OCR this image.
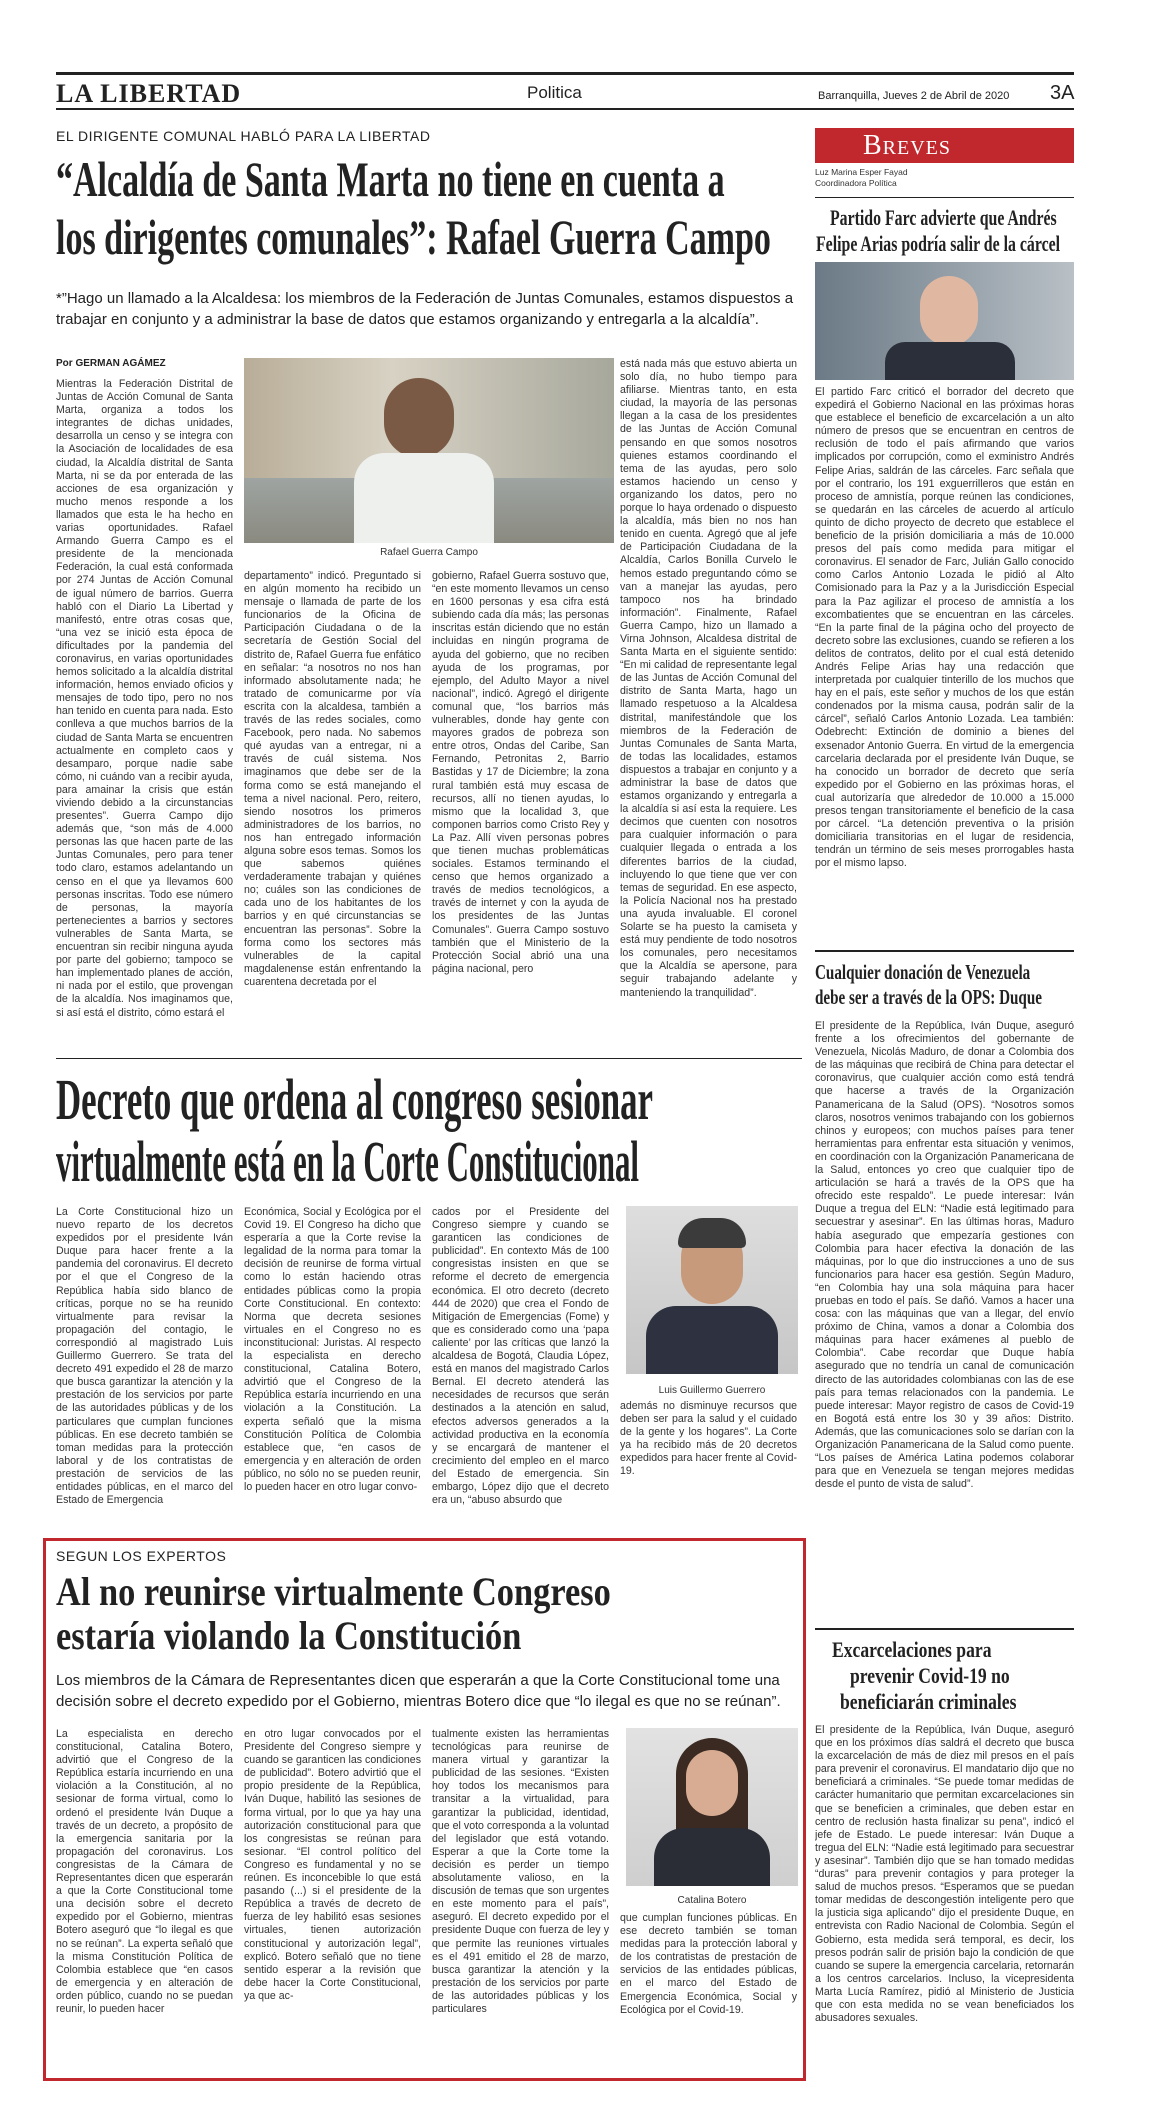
LA LIBERTAD	Politica	Barranquilla, Jueves 2 de Abril de 2020 3A
EL DIRIGENTE COMUNAL HABLÓ PARA LA LIBERTAD
“Alcaldía de Santa Marta no tiene en cuenta a
los dirigentes comunales”: Rafael Guerra Campo
*”Hago un llamado a la Alcaldesa: los miembros de la Federación de Juntas Comunales, estamos dispuestos a trabajar en conjunto y a administrar la base de datos que estamos organizando y entregarla a la alcaldía”.
Por GERMAN AGÁMEZ
Rafael Guerra Campo
Mientras la Federación Distrital de Juntas de Acción Comunal de Santa Marta, organiza a todos los integrantes de dichas unidades, desarrolla un censo y se integra con la Asociación de localidades de esa ciudad, la Alcaldía distrital de Santa Marta, ni se da por enterada de las acciones de esa organización y mucho menos responde a los llamados que esta le ha hecho en varias oportunidades. Rafael Armando Guerra Campo es el presidente de la mencionada Federación, la cual está conformada por 274 Juntas de Acción Comunal de igual número de barrios. Guerra habló con el Diario La Libertad y manifestó, entre otras cosas que, “una vez se inició esta época de dificultades por la pandemia del coronavirus, en varias oportunidades hemos solicitado a la alcaldía distrital información, hemos enviado oficios y mensajes de todo tipo, pero no nos han tenido en cuenta para nada. Esto conlleva a que muchos barrios de la ciudad de Santa Marta se encuentren actualmente en completo caos y desamparo, porque nadie sabe cómo, ni cuándo van a recibir ayuda, para amainar la crisis que están viviendo debido a la circunstancias presentes”. Guerra Campo dijo además que, “son más de 4.000 personas las que hacen parte de las Juntas Comunales, pero para tener todo claro, estamos adelantando un censo en el que ya llevamos 600 personas inscritas. Todo ese número de personas, la mayoría pertenecientes a barrios y sectores vulnerables de Santa Marta, se encuentran sin recibir ninguna ayuda por parte del gobierno; tampoco se han implementado planes de acción, ni nada por el estilo, que provengan de la alcaldía. Nos imaginamos que, si así está el distrito, cómo estará el
departamento” indicó. Preguntado si en algún momento ha recibido un mensaje o llamada de parte de los funcionarios de la Oficina de Participación Ciudadana o de la secretaría de Gestión Social del distrito de, Rafael Guerra fue enfático en señalar: “a nosotros no nos han informado absolutamente nada; he tratado de comunicarme por vía escrita con la alcaldesa, también a través de las redes sociales, como Facebook, pero nada. No sabemos qué ayudas van a entregar, ni a través de cuál sistema. Nos imaginamos que debe ser de la forma como se está manejando el tema a nivel nacional. Pero, reitero, siendo nosotros los primeros administradores de los barrios, no nos han entregado información alguna sobre esos temas. Somos los que sabemos quiénes verdaderamente trabajan y quiénes no; cuáles son las condiciones de cada uno de los habitantes de los barrios y en qué circunstancias se encuentran las personas”. Sobre la forma como los sectores más vulnerables de la capital magdalenense están enfrentando la cuarentena decretada por el
gobierno, Rafael Guerra sostuvo que, “en este momento llevamos un censo en 1600 personas y esa cifra está subiendo cada día más; las personas inscritas están diciendo que no están incluidas en ningún programa de ayuda del gobierno, que no reciben ayuda de los programas, por ejemplo, del Adulto Mayor a nivel nacional”, indicó. Agregó el dirigente comunal que, “los barrios más vulnerables, donde hay gente con mayores grados de pobreza son entre otros, Ondas del Caribe, San Fernando, Petronitas 2, Barrio Bastidas y 17 de Diciembre; la zona rural también está muy escasa de recursos, allí no tienen ayudas, lo mismo que la localidad 3, que componen barrios como Cristo Rey y La Paz. Allí viven personas pobres que tienen muchas problemáticas sociales. Estamos terminando el censo que hemos organizado a través de medios tecnológicos, a través de internet y con la ayuda de los presidentes de las Juntas Comunales”. Guerra Campo sostuvo también que el Ministerio de la Protección Social abrió una una página nacional, pero
está nada más que estuvo abierta un solo día, no hubo tiempo para afiliarse. Mientras tanto, en esta ciudad, la mayoría de las personas llegan a la casa de los presidentes de las Juntas de Acción Comunal pensando en que somos nosotros quienes estamos coordinando el tema de las ayudas, pero solo estamos haciendo un censo y organizando los datos, pero no porque lo haya ordenado o dispuesto la alcaldía, más bien no nos han tenido en cuenta. Agregó que al jefe de Participación Ciudadana de la Alcaldía, Carlos Bonilla Curvelo le hemos estado preguntando cómo se van a manejar las ayudas, pero tampoco nos ha brindado información”. Finalmente, Rafael Guerra Campo, hizo un llamado a Virna Johnson, Alcaldesa distrital de Santa Marta en el siguiente sentido: “En mi calidad de representante legal de las Juntas de Acción Comunal del distrito de Santa Marta, hago un llamado respetuoso a la Alcaldesa distrital, manifestándole que los miembros de la Federación de Juntas Comunales de Santa Marta, de todas las localidades, estamos dispuestos a trabajar en conjunto y a administrar la base de datos que estamos organizando y entregarla a la alcaldía si así esta la requiere. Les decimos que cuenten con nosotros para cualquier información o para cualquier llegada o entrada a los diferentes barrios de la ciudad, incluyendo lo que tiene que ver con temas de seguridad. En ese aspecto, la Policía Nacional nos ha prestado una ayuda invaluable. El coronel Solarte se ha puesto la camiseta y está muy pendiente de todo nosotros los comunales, pero necesitamos que la Alcaldía se apersone, para seguir trabajando adelante y manteniendo la tranquilidad”.
Breves
Luz Marina Esper Fayad
Coordinadora Política
Partido Farc advierte que Andrés
Felipe Arias podría salir de la cárcel
El partido Farc criticó el borrador del decreto que expedirá el Gobierno Nacional en las próximas horas que establece el beneficio de excarcelación a un alto número de presos que se encuentran en centros de reclusión de todo el país afirmando que varios implicados por corrupción, como el exministro Andrés Felipe Arias, saldrán de las cárceles. Farc señala que por el contrario, los 191 exguerrilleros que están en proceso de amnistía, porque reúnen las condiciones, se quedarán en las cárceles de acuerdo al artículo quinto de dicho proyecto de decreto que establece el beneficio de la prisión domiciliaria a más de 10.000 presos del país como medida para mitigar el coronavirus. El senador de Farc, Julián Gallo conocido como Carlos Antonio Lozada le pidió al Alto Comisionado para la Paz y a la Jurisdicción Especial para la Paz agilizar el proceso de amnistía a los excombatientes que se encuentran en las cárceles. “En la parte final de la página ocho del proyecto de decreto sobre las exclusiones, cuando se refieren a los delitos de contratos, delito por el cual está detenido Andrés Felipe Arias hay una redacción que interpretada por cualquier tinterillo de los muchos que hay en el país, este señor y muchos de los que están condenados por la misma causa, podrán salir de la cárcel”, señaló Carlos Antonio Lozada. Lea también: Odebrecht: Extinción de dominio a bienes del exsenador Antonio Guerra. En virtud de la emergencia carcelaria declarada por el presidente Iván Duque, se ha conocido un borrador de decreto que sería expedido por el Gobierno en las próximas horas, el cual autorizaría que alrededor de 10.000 a 15.000 presos tengan transitoriamente el beneficio de la casa por cárcel. “La detención preventiva o la prisión domiciliaria transitorias en el lugar de residencia, tendrán un término de seis meses prorrogables hasta por el mismo lapso.
Cualquier donación de Venezuela
debe ser a través de la OPS: Duque
El presidente de la República, Iván Duque, aseguró frente a los ofrecimientos del gobernante de Venezuela, Nicolás Maduro, de donar a Colombia dos de las máquinas que recibirá de China para detectar el coronavirus, que cualquier acción como está tendrá que hacerse a través de la Organización Panamericana de la Salud (OPS). “Nosotros somos claros, nosotros venimos trabajando con los gobiernos chinos y europeos; con muchos países para tener herramientas para enfrentar esta situación y venimos, en coordinación con la Organización Panamericana de la Salud, entonces yo creo que cualquier tipo de articulación se hará a través de la OPS que ha ofrecido este respaldo”. Le puede interesar: Iván Duque a tregua del ELN: “Nadie está legitimado para secuestrar y asesinar”. En las últimas horas, Maduro había asegurado que empezaría gestiones con Colombia para hacer efectiva la donación de las máquinas, por lo que dio instrucciones a uno de sus funcionarios para hacer esa gestión. Según Maduro, “en Colombia hay una sola máquina para hacer pruebas en todo el país. Se dañó. Vamos a hacer una cosa: con las máquinas que van a llegar, del envío próximo de China, vamos a donar a Colombia dos máquinas para hacer exámenes al pueblo de Colombia”. Cabe recordar que Duque había asegurado que no tendría un canal de comunicación directo de las autoridades colombianas con las de ese país para temas relacionados con la pandemia. Le puede interesar: Mayor registro de casos de Covid-19 en Bogotá está entre los 30 y 39 años: Distrito. Además, que las comunicaciones solo se darían con la Organización Panamericana de la Salud como puente. “Los países de América Latina podemos colaborar para que en Venezuela se tengan mejores medidas desde el punto de vista de salud”.
Excarcelaciones para
prevenir Covid-19 no
beneficiarán criminales
El presidente de la República, Iván Duque, aseguró que en los próximos días saldrá el decreto que busca la excarcelación de más de diez mil presos en el país para prevenir el coronavirus. El mandatario dijo que no beneficiará a criminales. “Se puede tomar medidas de carácter humanitario que permitan excarcelaciones sin que se beneficien a criminales, que deben estar en centro de reclusión hasta finalizar su pena”, indicó el jefe de Estado. Le puede interesar: Iván Duque a tregua del ELN: “Nadie está legitimado para secuestrar y asesinar”. También dijo que se han tomado medidas “duras” para prevenir contagios y para proteger la salud de muchos presos. “Esperamos que se puedan tomar medidas de descongestión inteligente pero que la justicia siga aplicando” dijo el presidente Duque, en entrevista con Radio Nacional de Colombia. Según el Gobierno, esta medida será temporal, es decir, los presos podrán salir de prisión bajo la condición de que cuando se supere la emergencia carcelaria, retornarán a los centros carcelarios. Incluso, la vicepresidenta Marta Lucía Ramírez, pidió al Ministerio de Justicia que con esta medida no se vean beneficiados los abusadores sexuales.
Decreto que ordena al congreso sesionar
virtualmente está en la Corte Constitucional
La Corte Constitucional hizo un nuevo reparto de los decretos expedidos por el presidente Iván Duque para hacer frente a la pandemia del coronavirus. El decreto por el que el Congreso de la República había sido blanco de críticas, porque no se ha reunido virtualmente para revisar la propagación del contagio, le correspondió al magistrado Luis Guillermo Guerrero. Se trata del decreto 491 expedido el 28 de marzo que busca garantizar la atención y la prestación de los servicios por parte de las autoridades públicas y de los particulares que cumplan funciones públicas. En ese decreto también se toman medidas para la protección laboral y de los contratistas de prestación de servicios de las entidades públicas, en el marco del Estado de Emergencia
Económica, Social y Ecológica por el Covid 19. El Congreso ha dicho que esperaría a que la Corte revise la legalidad de la norma para tomar la decisión de reunirse de forma virtual como lo están haciendo otras entidades públicas como la propia Corte Constitucional. En contexto: Norma que decreta sesiones virtuales en el Congreso no es inconstitucional: Juristas. Al respecto la especialista en derecho constitucional, Catalina Botero, advirtió que el Congreso de la República estaría incurriendo en una violación a la Constitución. La experta señaló que la misma Constitución Política de Colombia establece que, “en casos de emergencia y en alteración de orden público, no sólo no se pueden reunir, lo pueden hacer en otro lugar convo-
cados por el Presidente del Congreso siempre y cuando se garanticen las condiciones de publicidad”. En contexto Más de 100 congresistas insisten en que se reforme el decreto de emergencia económica. El otro decreto (decreto 444 de 2020) que crea el Fondo de Mitigación de Emergencias (Fome) y que es considerado como una ‘papa caliente’ por las críticas que lanzó la alcaldesa de Bogotá, Claudia López, está en manos del magistrado Carlos Bernal. El decreto atenderá las necesidades de recursos que serán destinados a la atención en salud, efectos adversos generados a la actividad productiva en la economía y se encargará de mantener el crecimiento del empleo en el marco del Estado de emergencia. Sin embargo, López dijo que el decreto era un, “abuso absurdo que
Luis Guillermo Guerrero
además no disminuye recursos que deben ser para la salud y el cuidado de la gente y los hogares”. La Corte ya ha recibido más de 20 decretos expedidos para hacer frente al Covid-19.
SEGUN LOS EXPERTOS
Al no reunirse virtualmente Congreso
estaría violando la Constitución
Los miembros de la Cámara de Representantes dicen que esperarán a que la Corte Constitucional tome una decisión sobre el decreto expedido por el Gobierno, mientras Botero dice que “lo ilegal es que no se reúnan”.
La especialista en derecho constitucional, Catalina Botero, advirtió que el Congreso de la República estaría incurriendo en una violación a la Constitución, al no sesionar de forma virtual, como lo ordenó el presidente Iván Duque a través de un decreto, a propósito de la emergencia sanitaria por la propagación del coronavirus. Los congresistas de la Cámara de Representantes dicen que esperarán a que la Corte Constitucional tome una decisión sobre el decreto expedido por el Gobierno, mientras Botero aseguró que “lo ilegal es que no se reúnan”. La experta señaló que la misma Constitución Política de Colombia establece que “en casos de emergencia y en alteración de orden público, cuando no se puedan reunir, lo pueden hacer
en otro lugar convocados por el Presidente del Congreso siempre y cuando se garanticen las condiciones de publicidad”. Botero advirtió que el propio presidente de la República, Iván Duque, habilitó las sesiones de forma virtual, por lo que ya hay una autorización constitucional para que los congresistas se reúnan para sesionar. “El control político del Congreso es fundamental y no se reúnen. Es inconcebible lo que está pasando (...) si el presidente de la República a través de decreto de fuerza de ley habilitó esas sesiones virtuales, tienen autorización constitucional y autorización legal”, explicó. Botero señaló que no tiene sentido esperar a la revisión que debe hacer la Corte Constitucional, ya que ac-
tualmente existen las herramientas tecnológicas para reunirse de manera virtual y garantizar la publicidad de las sesiones. “Existen hoy todos los mecanismos para transitar a la virtualidad, para garantizar la publicidad, identidad, que el voto corresponda a la voluntad del legislador que está votando. Esperar a que la Corte tome la decisión es perder un tiempo absolutamente valioso, en la discusión de temas que son urgentes en este momento para el país”, aseguró. El decreto expedido por el presidente Duque con fuerza de ley y que permite las reuniones virtuales es el 491 emitido el 28 de marzo, busca garantizar la atención y la prestación de los servicios por parte de las autoridades públicas y los particulares
Catalina Botero
que cumplan funciones públicas. En ese decreto también se toman medidas para la protección laboral y de los contratistas de prestación de servicios de las entidades públicas, en el marco del Estado de Emergencia Económica, Social y Ecológica por el Covid-19.
